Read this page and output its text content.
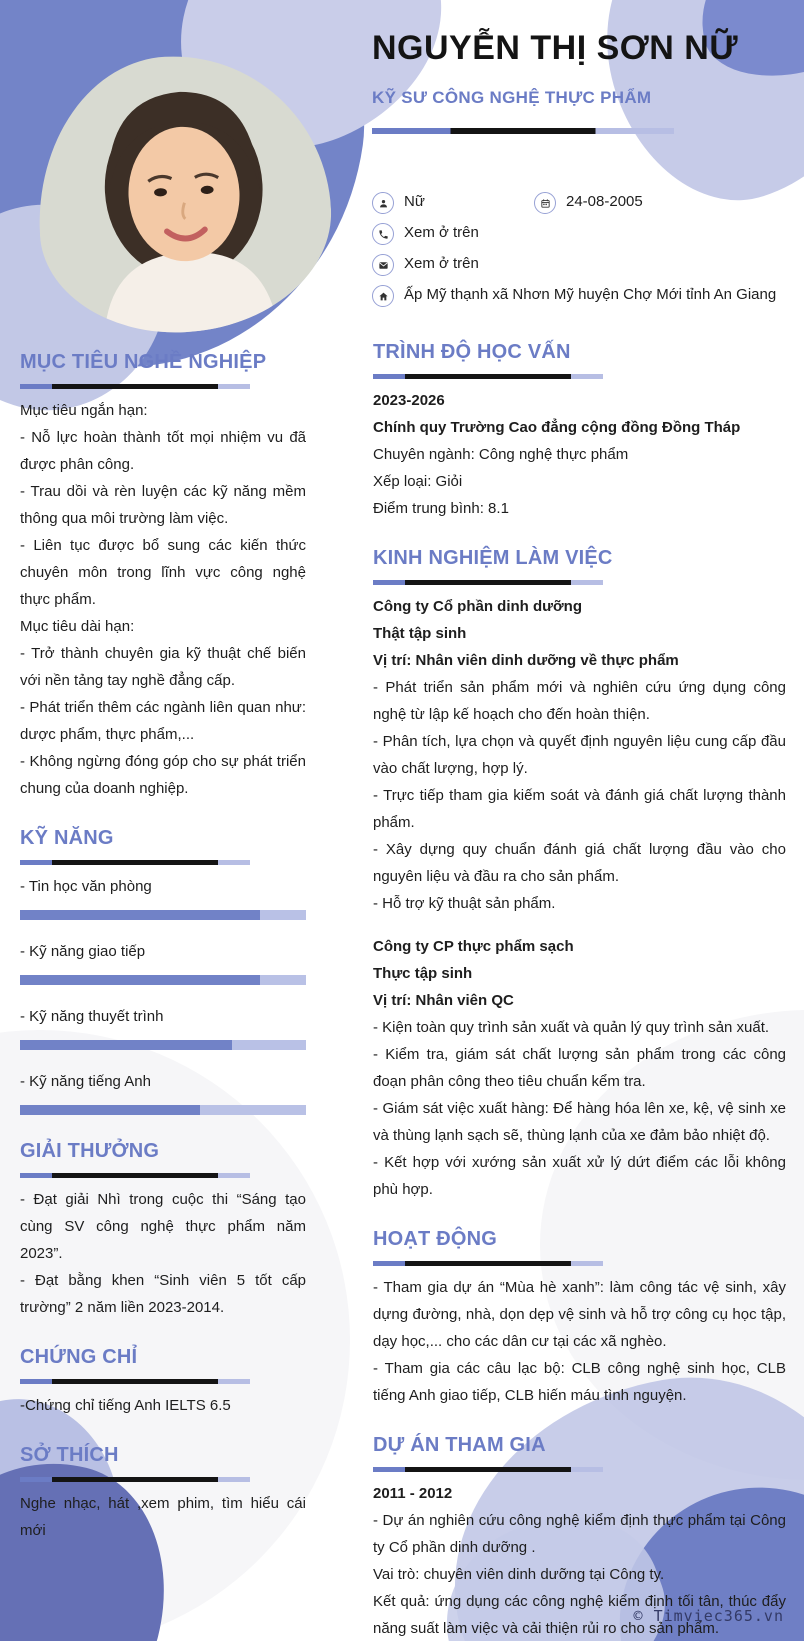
NGUYỄN THỊ SƠN NỮ
KỸ SƯ CÔNG NGHỆ THỰC PHẨM

Nữ	24-08-2005

Xem ở trên

Xem ở trên

Ấp Mỹ thạnh xã Nhơn Mỹ huyện Chợ Mới tỉnh An Giang

MỤC TIÊU NGHỀ NGHIỆP

Mục tiêu ngắn hạn:

- Nỗ lực hoàn thành tốt mọi nhiệm vu đã được phân công.

- Trau dồi và rèn luyện các kỹ năng mềm thông qua môi trường làm việc.

- Liên tục được bổ sung các kiến thức chuyên môn trong lĩnh vực công nghệ thực phẩm.

Mục tiêu dài hạn:

- Trở thành chuyên gia kỹ thuật chế biến với nền tảng tay nghề đẳng cấp.

- Phát triển thêm các ngành liên quan như: dược phẩm, thực phẩm,...

- Không ngừng đóng góp cho sự phát triển chung của doanh nghiệp.

KỸ NĂNG

- Tin học văn phòng

- Kỹ năng giao tiếp

- Kỹ năng thuyết trình

- Kỹ năng tiếng Anh

GIẢI THƯỞNG

- Đạt giải Nhì trong cuộc thi “Sáng tạo cùng SV công nghệ thực phẩm năm 2023”.

- Đạt bằng khen “Sinh viên 5 tốt cấp trường” 2 năm liền 2023-2014.

CHỨNG CHỈ

-Chứng chỉ tiếng Anh IELTS 6.5

SỞ THÍCH

Nghe nhạc, hát ,xem phim, tìm hiểu cái mới

TRÌNH ĐỘ HỌC VẤN

2023-2026

Chính quy Trường Cao đẳng cộng đồng Đồng Tháp

Chuyên ngành: Công nghệ thực phẩm

Xếp loại: Giỏi

Điểm trung bình: 8.1

KINH NGHIỆM LÀM VIỆC

Công ty Cổ phần dinh dưỡng

Thật tập sinh

Vị trí: Nhân viên dinh dưỡng về thực phẩm

- Phát triển sản phẩm mới và nghiên cứu ứng dụng công nghệ từ lập kế hoạch cho đến hoàn thiện.

- Phân tích, lựa chọn và quyết định nguyên liệu cung cấp đầu vào chất lượng, hợp lý.

- Trực tiếp tham gia kiếm soát và đánh giá chất lượng thành phẩm.

- Xây dựng quy chuẩn đánh giá chất lượng đầu vào cho nguyên liệu và đầu ra cho sản phẩm.

- Hỗ trợ kỹ thuật sản phẩm.

Công ty CP thực phẩm sạch

Thực tập sinh

Vị trí: Nhân viên QC

- Kiện toàn quy trình sản xuất và quản lý quy trình sản xuất.

- Kiểm tra, giám sát chất lượng sản phẩm trong các công đoạn phân công theo tiêu chuẩn kểm tra.

- Giám sát việc xuất hàng: Để hàng hóa lên xe, kệ, vệ sinh xe và thùng lạnh sạch sẽ, thùng lạnh của xe đảm bảo nhiệt độ.

- Kết hợp với xướng sản xuất xử lý dứt điểm các lỗi không phù hợp.

HOẠT ĐỘNG

- Tham gia dự án “Mùa hè xanh”: làm công tác vệ sinh, xây dựng đường, nhà, dọn dẹp vệ sinh và hỗ trợ công cụ học tập, dạy học,... cho các dân cư tại các xã nghèo.

- Tham gia các câu lạc bộ: CLB công nghệ sinh học, CLB tiếng Anh giao tiếp, CLB hiến máu tình nguyện.

DỰ ÁN THAM GIA

2011 - 2012

- Dự án nghiên cứu công nghệ kiểm định thực phẩm tại Công ty Cổ phần dinh dưỡng .

Vai trò: chuyên viên dinh dưỡng tại Công ty.

Kết quả: ứng dụng các công nghệ kiểm định tối tân, thúc đẩy năng suất làm việc và cải thiện rủi ro cho sản phẩm.

© Timviec365.vn
